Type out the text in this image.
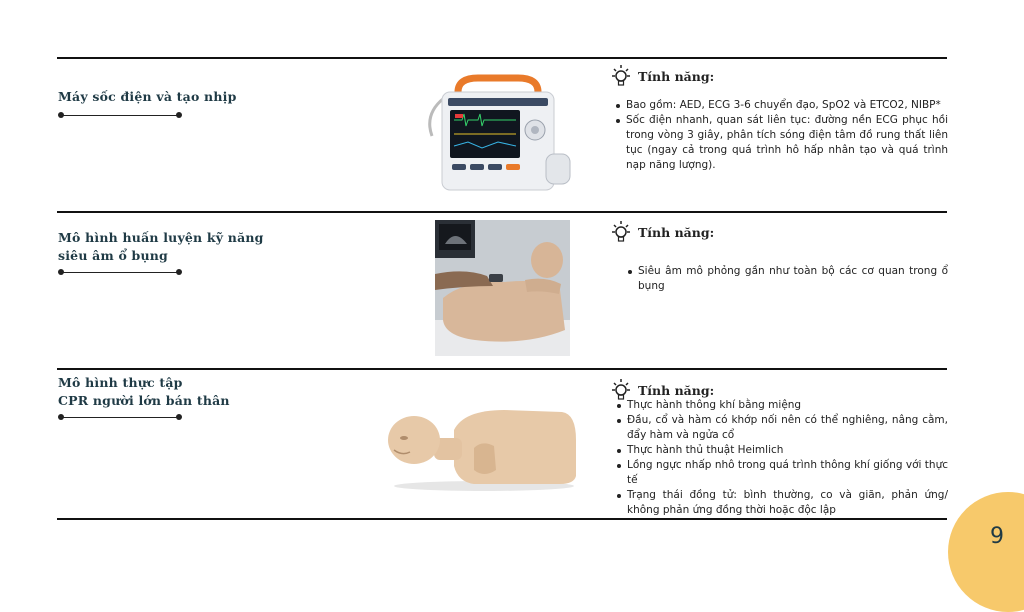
Máy sốc điện và tạo nhịp
Tính năng:
Bao gồm: AED, ECG 3-6 chuyển đạo, SpO2 và ETCO2, NIBP*
Sốc điện nhanh, quan sát liên tục: đường nền ECG phục hồi trong vòng 3 giây, phân tích sóng điện tâm đồ rung thất liên tục (ngay cả trong quá trình hô hấp nhân tạo và quá trình nạp năng lượng).
Mô hình huấn luyện kỹ năng
siêu âm ổ bụng
Tính năng:
Siêu âm mô phỏng gần như toàn bộ các cơ quan trong ổ bụng
Mô hình thực tập
CPR người lớn bán thân
Tính năng:
Thực hành thông khí bằng miệng
Đầu, cổ và hàm có khớp nối nên có thể nghiêng, nâng cằm, đẩy hàm và ngửa cổ
Thực hành thủ thuật Heimlich
Lồng ngực nhấp nhô trong quá trình thông khí giống với thực tế
Trạng thái đồng tử: bình thường, co và giãn, phản ứng/ không phản ứng đồng thời hoặc độc lập
9
